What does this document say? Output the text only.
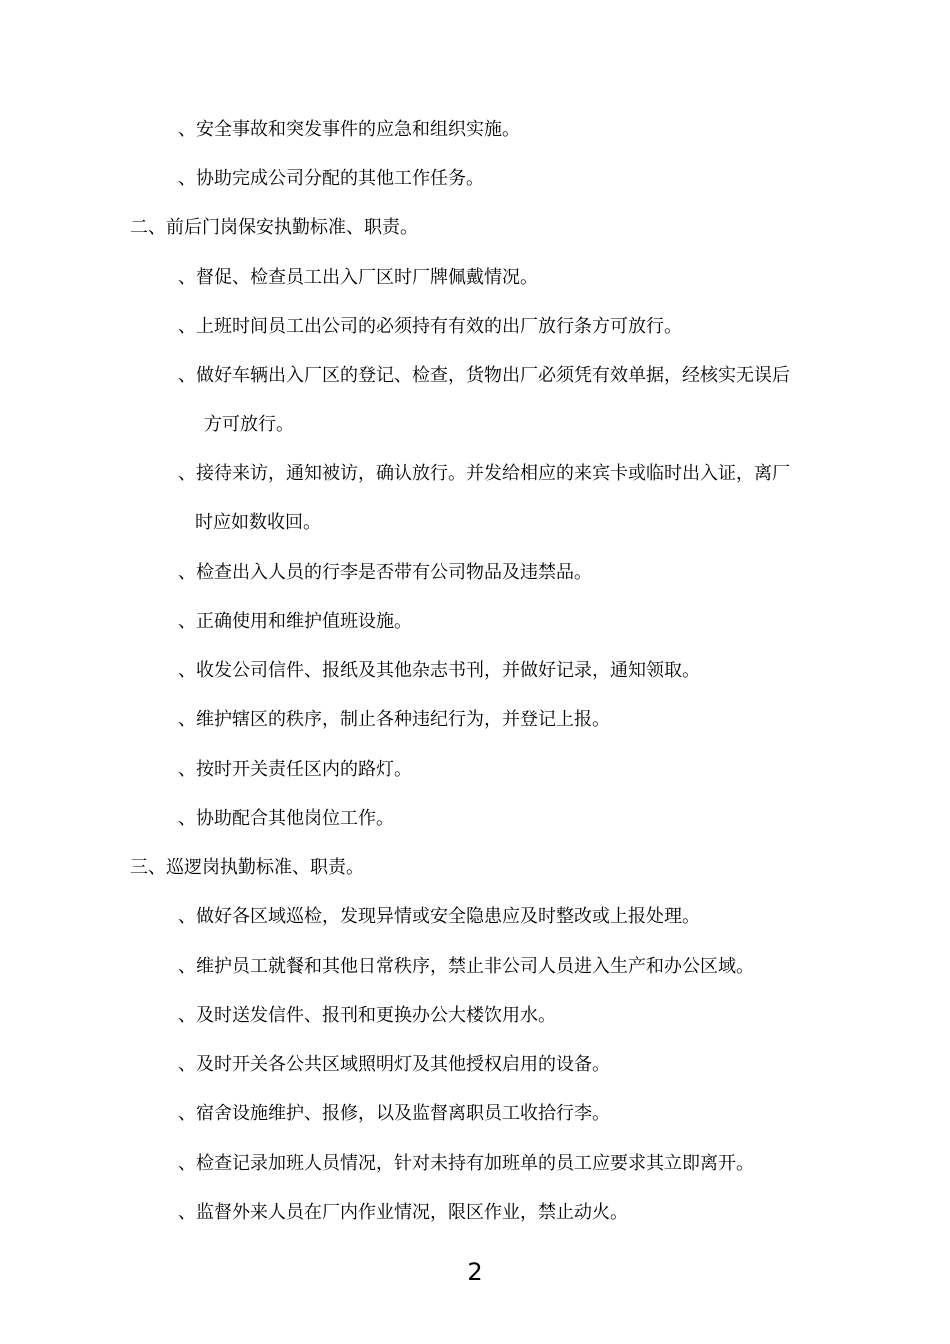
、安全事故和突发事件的应急和组织实施。
、协助完成公司分配的其他工作任务。
二、前后门岗保安执勤标准、职责。
、督促、检查员工出入厂区时厂牌佩戴情况。
、上班时间员工出公司的必须持有有效的出厂放行条方可放行。
、做好车辆出入厂区的登记、检查，货物出厂必须凭有效单据，经核实无误后
方可放行。
、接待来访，通知被访，确认放行。并发给相应的来宾卡或临时出入证，离厂
时应如数收回。
、检查出入人员的行李是否带有公司物品及违禁品。
、正确使用和维护值班设施。
、收发公司信件、报纸及其他杂志书刊，并做好记录，通知领取。
、维护辖区的秩序，制止各种违纪行为，并登记上报。
、按时开关责任区内的路灯。
、协助配合其他岗位工作。
三、巡逻岗执勤标准、职责。
、做好各区域巡检，发现异情或安全隐患应及时整改或上报处理。
、维护员工就餐和其他日常秩序，禁止非公司人员进入生产和办公区域。
、及时送发信件、报刊和更换办公大楼饮用水。
、及时开关各公共区域照明灯及其他授权启用的设备。
、宿舍设施维护、报修，以及监督离职员工收拾行李。
、检查记录加班人员情况，针对未持有加班单的员工应要求其立即离开。
、监督外来人员在厂内作业情况，限区作业，禁止动火。
2
